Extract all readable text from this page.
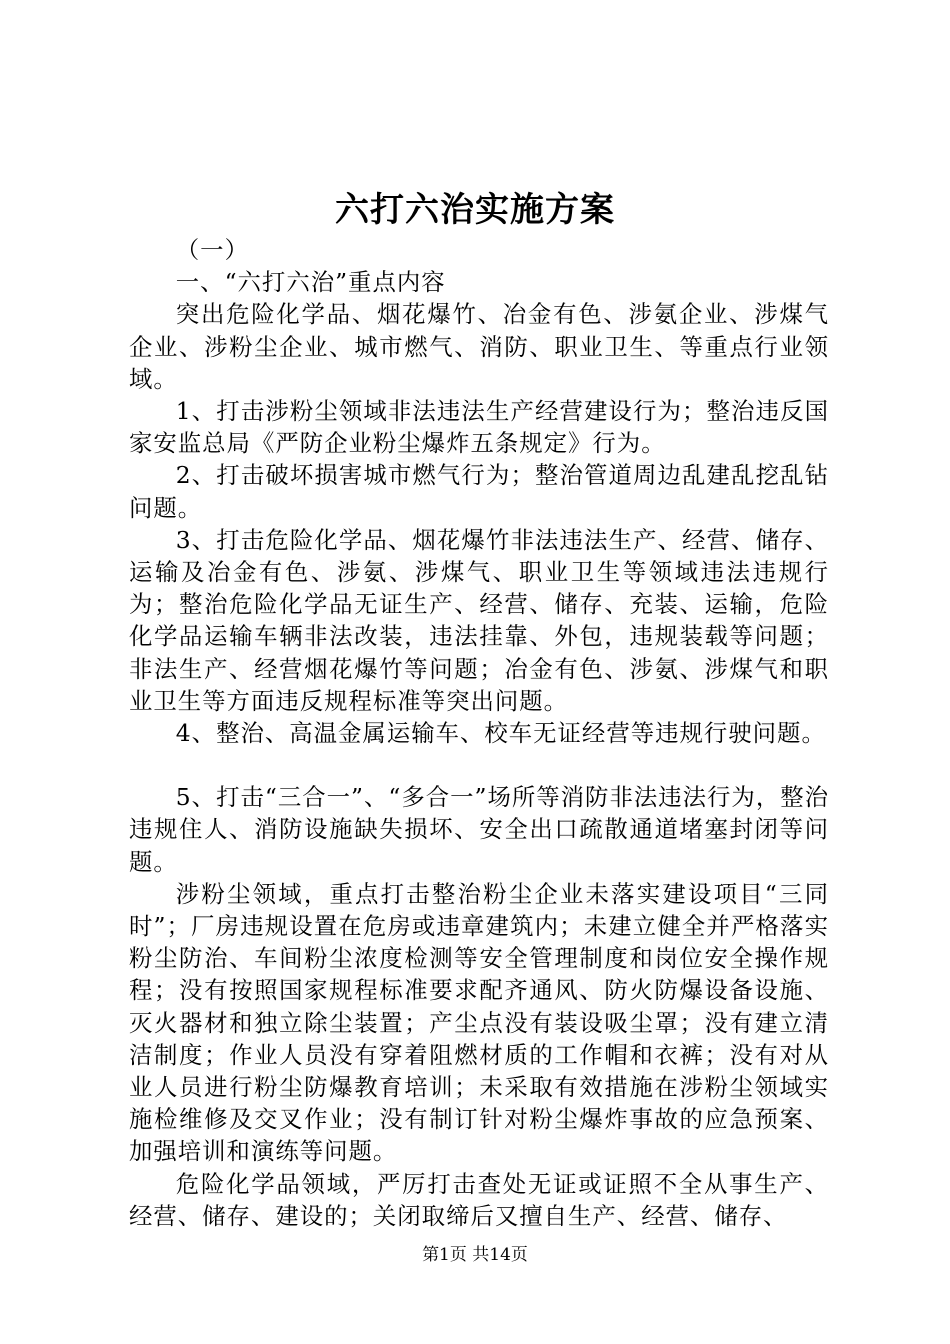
六打六治实施方案

（一）

一、“六打六治”重点内容

突出危险化学品、烟花爆竹、冶金有色、涉氨企业、涉煤气企业、涉粉尘企业、城市燃气、消防、职业卫生、等重点行业领域。

1、打击涉粉尘领域非法违法生产经营建设行为；整治违反国家安监总局《严防企业粉尘爆炸五条规定》行为。

2、打击破坏损害城市燃气行为；整治管道周边乱建乱挖乱钻问题。

3、打击危险化学品、烟花爆竹非法违法生产、经营、储存、运输及冶金有色、涉氨、涉煤气、职业卫生等领域违法违规行为；整治危险化学品无证生产、经营、储存、充装、运输，危险化学品运输车辆非法改装，违法挂靠、外包，违规装载等问题；非法生产、经营烟花爆竹等问题；冶金有色、涉氨、涉煤气和职业卫生等方面违反规程标准等突出问题。

4、整治、高温金属运输车、校车无证经营等违规行驶问题。

5、打击“三合一”、“多合一”场所等消防非法违法行为，整治违规住人、消防设施缺失损坏、安全出口疏散通道堵塞封闭等问题。

涉粉尘领域，重点打击整治粉尘企业未落实建设项目“三同时”；厂房违规设置在危房或违章建筑内；未建立健全并严格落实粉尘防治、车间粉尘浓度检测等安全管理制度和岗位安全操作规程；没有按照国家规程标准要求配齐通风、防火防爆设备设施、灭火器材和独立除尘装置；产尘点没有装设吸尘罩；没有建立清洁制度；作业人员没有穿着阻燃材质的工作帽和衣裤；没有对从业人员进行粉尘防爆教育培训；未采取有效措施在涉粉尘领域实施检维修及交叉作业；没有制订针对粉尘爆炸事故的应急预案、加强培训和演练等问题。

危险化学品领域，严厉打击查处无证或证照不全从事生产、经营、储存、建设的；关闭取缔后又擅自生产、经营、储存、

第1页 共14页
